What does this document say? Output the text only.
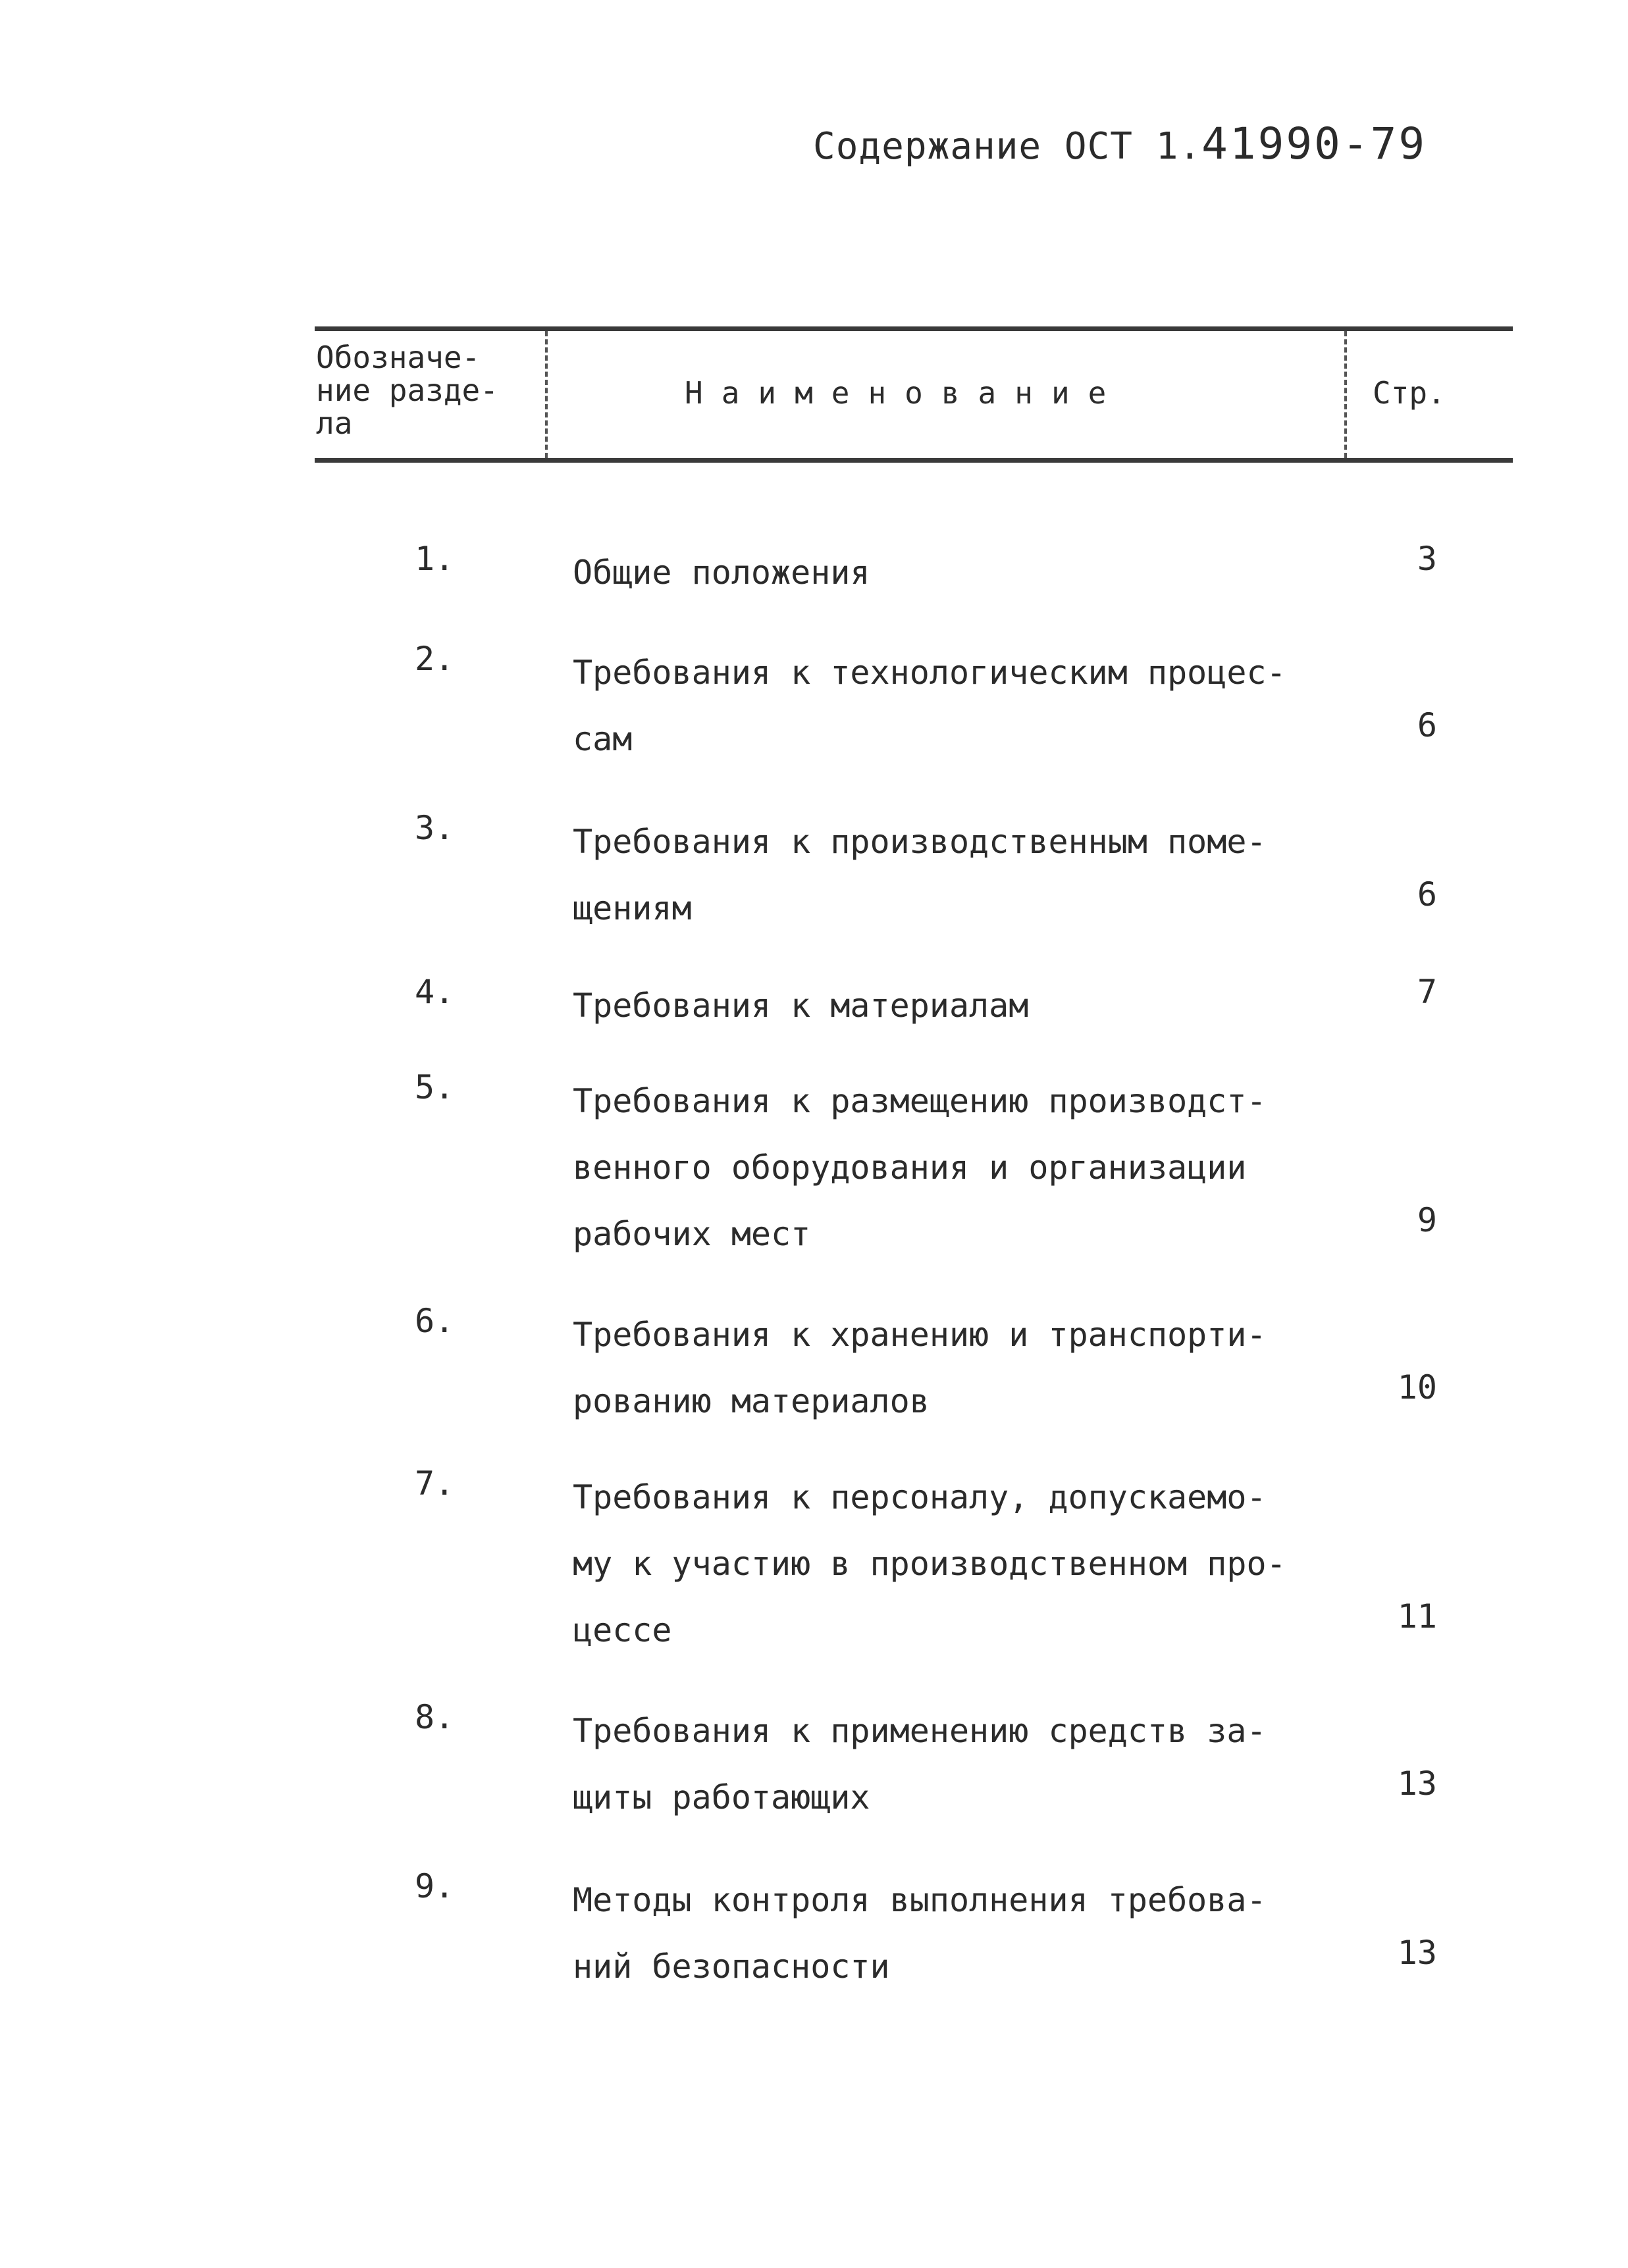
Содержание ОСТ 1.41990-79
Обозначе-
ние разде-
ла
Наименование	Стр.
1.	Общие положения	3
2.	Требования к технологическим процес-
сам	6
3.	Требования к производственным поме-
щениям	6
4.	Требования к материалам	7
5.	Требования к размещению производст-
венного оборудования и организации
рабочих мест	9
6.	Требования к хранению и транспорти-
рованию материалов	10
7.	Требования к персоналу, допускаемо-
му к участию в производственном про-
цессе	11
8.	Требования к применению средств за-
щиты работающих	13
9.	Методы контроля выполнения требова-
ний безопасности	13
